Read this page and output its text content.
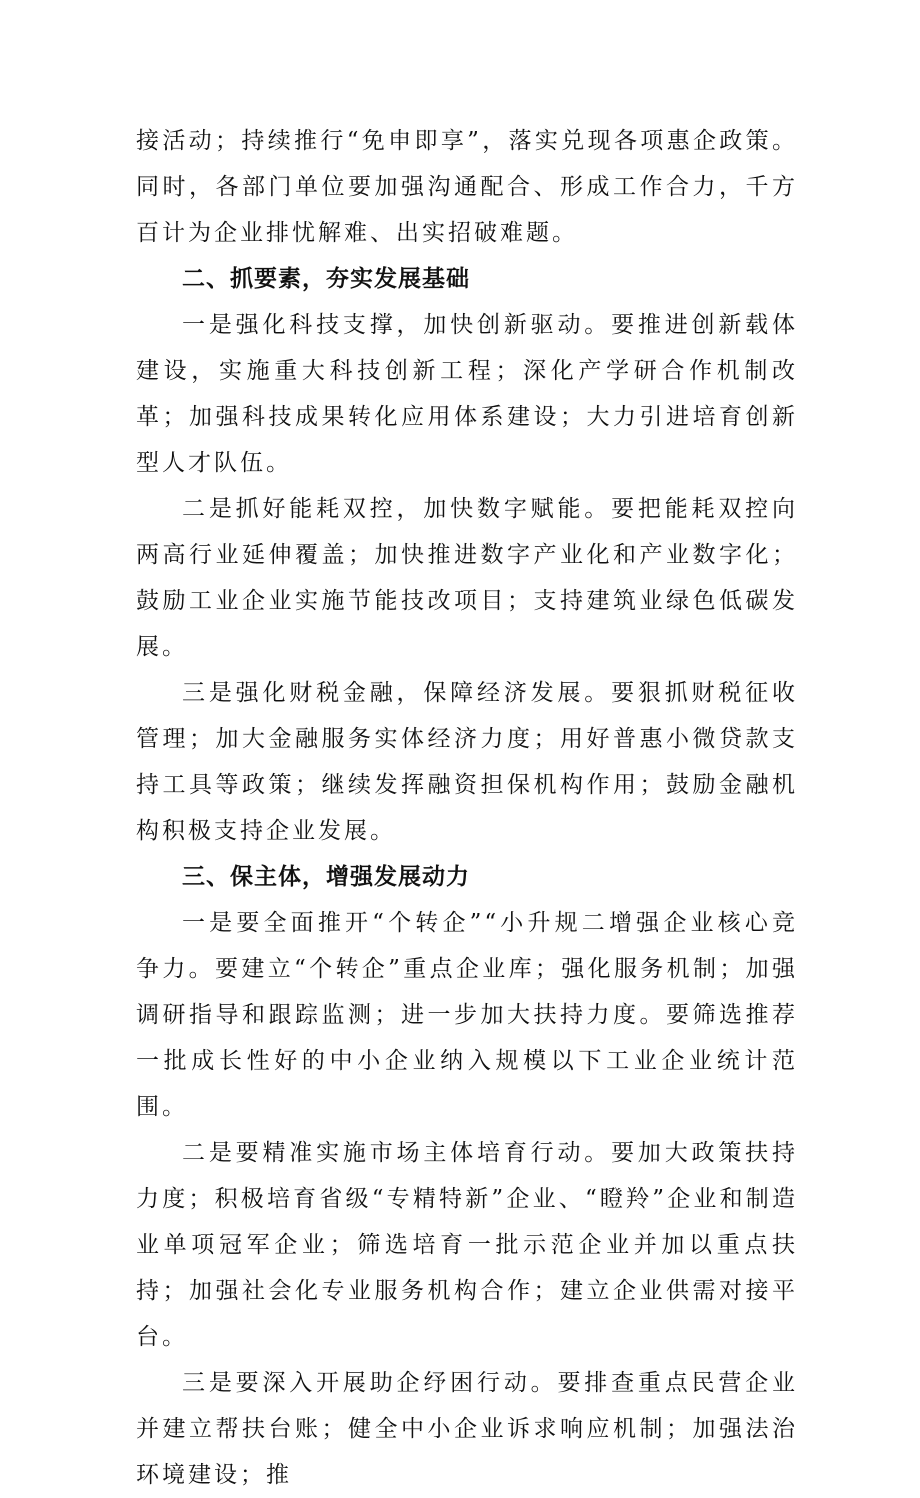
接活动；持续推行“免申即享”，落实兑现各项惠企政策。同时，各部门单位要加强沟通配合、形成工作合力，千方百计为企业排忧解难、出实招破难题。

二、抓要素，夯实发展基础

一是强化科技支撑，加快创新驱动。要推进创新载体建设，实施重大科技创新工程；深化产学研合作机制改革；加强科技成果转化应用体系建设；大力引进培育创新型人才队伍。

二是抓好能耗双控，加快数字赋能。要把能耗双控向两高行业延伸覆盖；加快推进数字产业化和产业数字化；鼓励工业企业实施节能技改项目；支持建筑业绿色低碳发展。

三是强化财税金融，保障经济发展。要狠抓财税征收管理；加大金融服务实体经济力度；用好普惠小微贷款支持工具等政策；继续发挥融资担保机构作用；鼓励金融机构积极支持企业发展。

三、保主体，增强发展动力

一是要全面推开“个转企”“小升规二增强企业核心竞争力。要建立“个转企”重点企业库；强化服务机制；加强调研指导和跟踪监测；进一步加大扶持力度。要筛选推荐一批成长性好的中小企业纳入规模以下工业企业统计范围。

二是要精准实施市场主体培育行动。要加大政策扶持力度；积极培育省级“专精特新”企业、“瞪羚”企业和制造业单项冠军企业；筛选培育一批示范企业并加以重点扶持；加强社会化专业服务机构合作；建立企业供需对接平台。

三是要深入开展助企纾困行动。要排查重点民营企业并建立帮扶台账；健全中小企业诉求响应机制；加强法治环境建设；推
